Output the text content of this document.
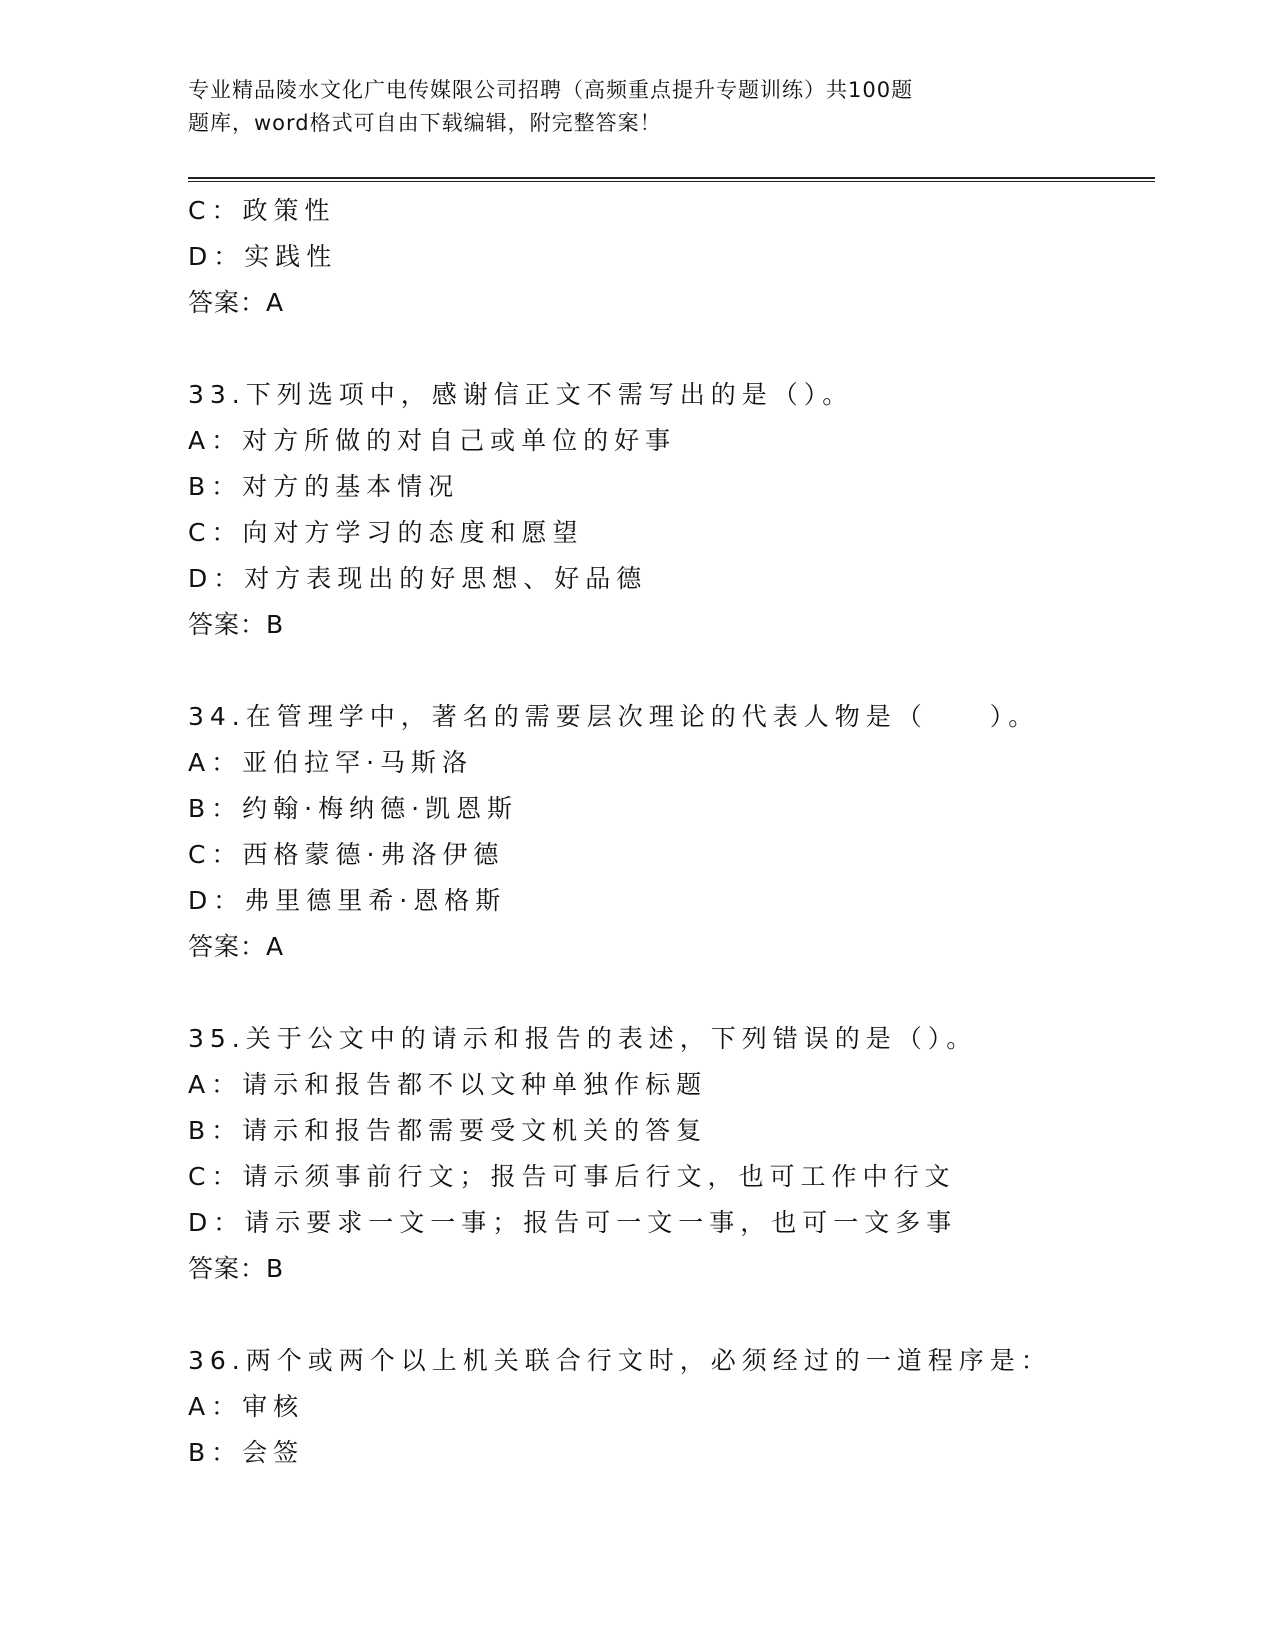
专业精品陵水文化广电传媒限公司招聘（高频重点提升专题训练）共100题
题库，word格式可自由下载编辑，附完整答案！
C：政策性
D：实践性
答案：A
33.下列选项中，感谢信正文不需写出的是（）。
A：对方所做的对自己或单位的好事
B：对方的基本情况
C：向对方学习的态度和愿望
D：对方表现出的好思想、好品德
答案：B
34.在管理学中，著名的需要层次理论的代表人物是（　　）。
A：亚伯拉罕·马斯洛
B：约翰·梅纳德·凯恩斯
C：西格蒙德·弗洛伊德
D：弗里德里希·恩格斯
答案：A
35.关于公文中的请示和报告的表述，下列错误的是（）。
A：请示和报告都不以文种单独作标题
B：请示和报告都需要受文机关的答复
C：请示须事前行文；报告可事后行文，也可工作中行文
D：请示要求一文一事；报告可一文一事，也可一文多事
答案：B
36.两个或两个以上机关联合行文时，必须经过的一道程序是：
A：审核
B：会签
